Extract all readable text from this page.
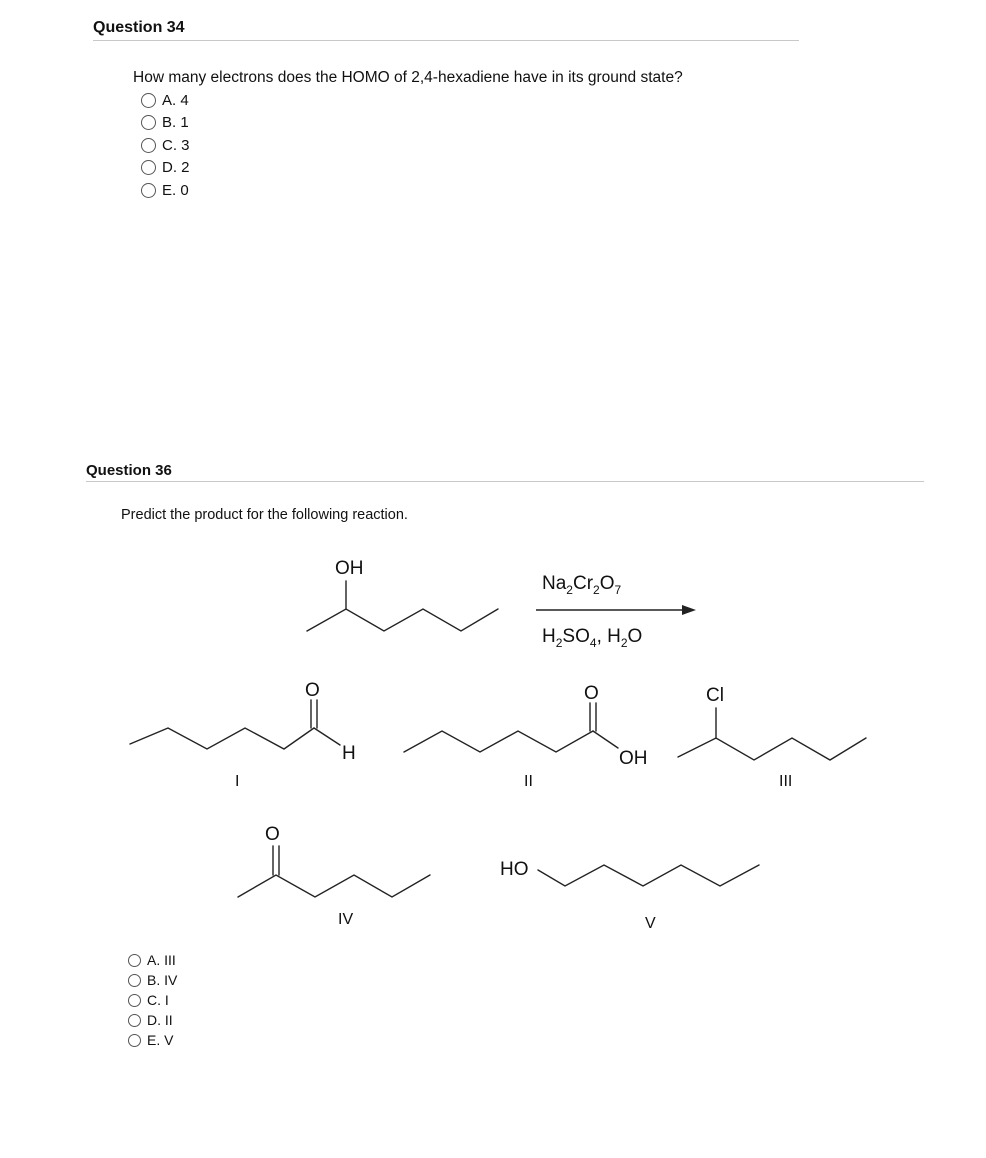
Question 34
How many electrons does the HOMO of 2,4-hexadiene have in its ground state?
A. 4
B. 1
C. 3
D. 2
E. 0
Question 36
Predict the product for the following reaction.
OH
$Na_2Cr_2O_7$
$H_2SO_4$, $H_2O$
O
H
I
O
OH
II
Cl
III
O
IV
HO
V
A. III
B. IV
C. I
D. II
E. V
